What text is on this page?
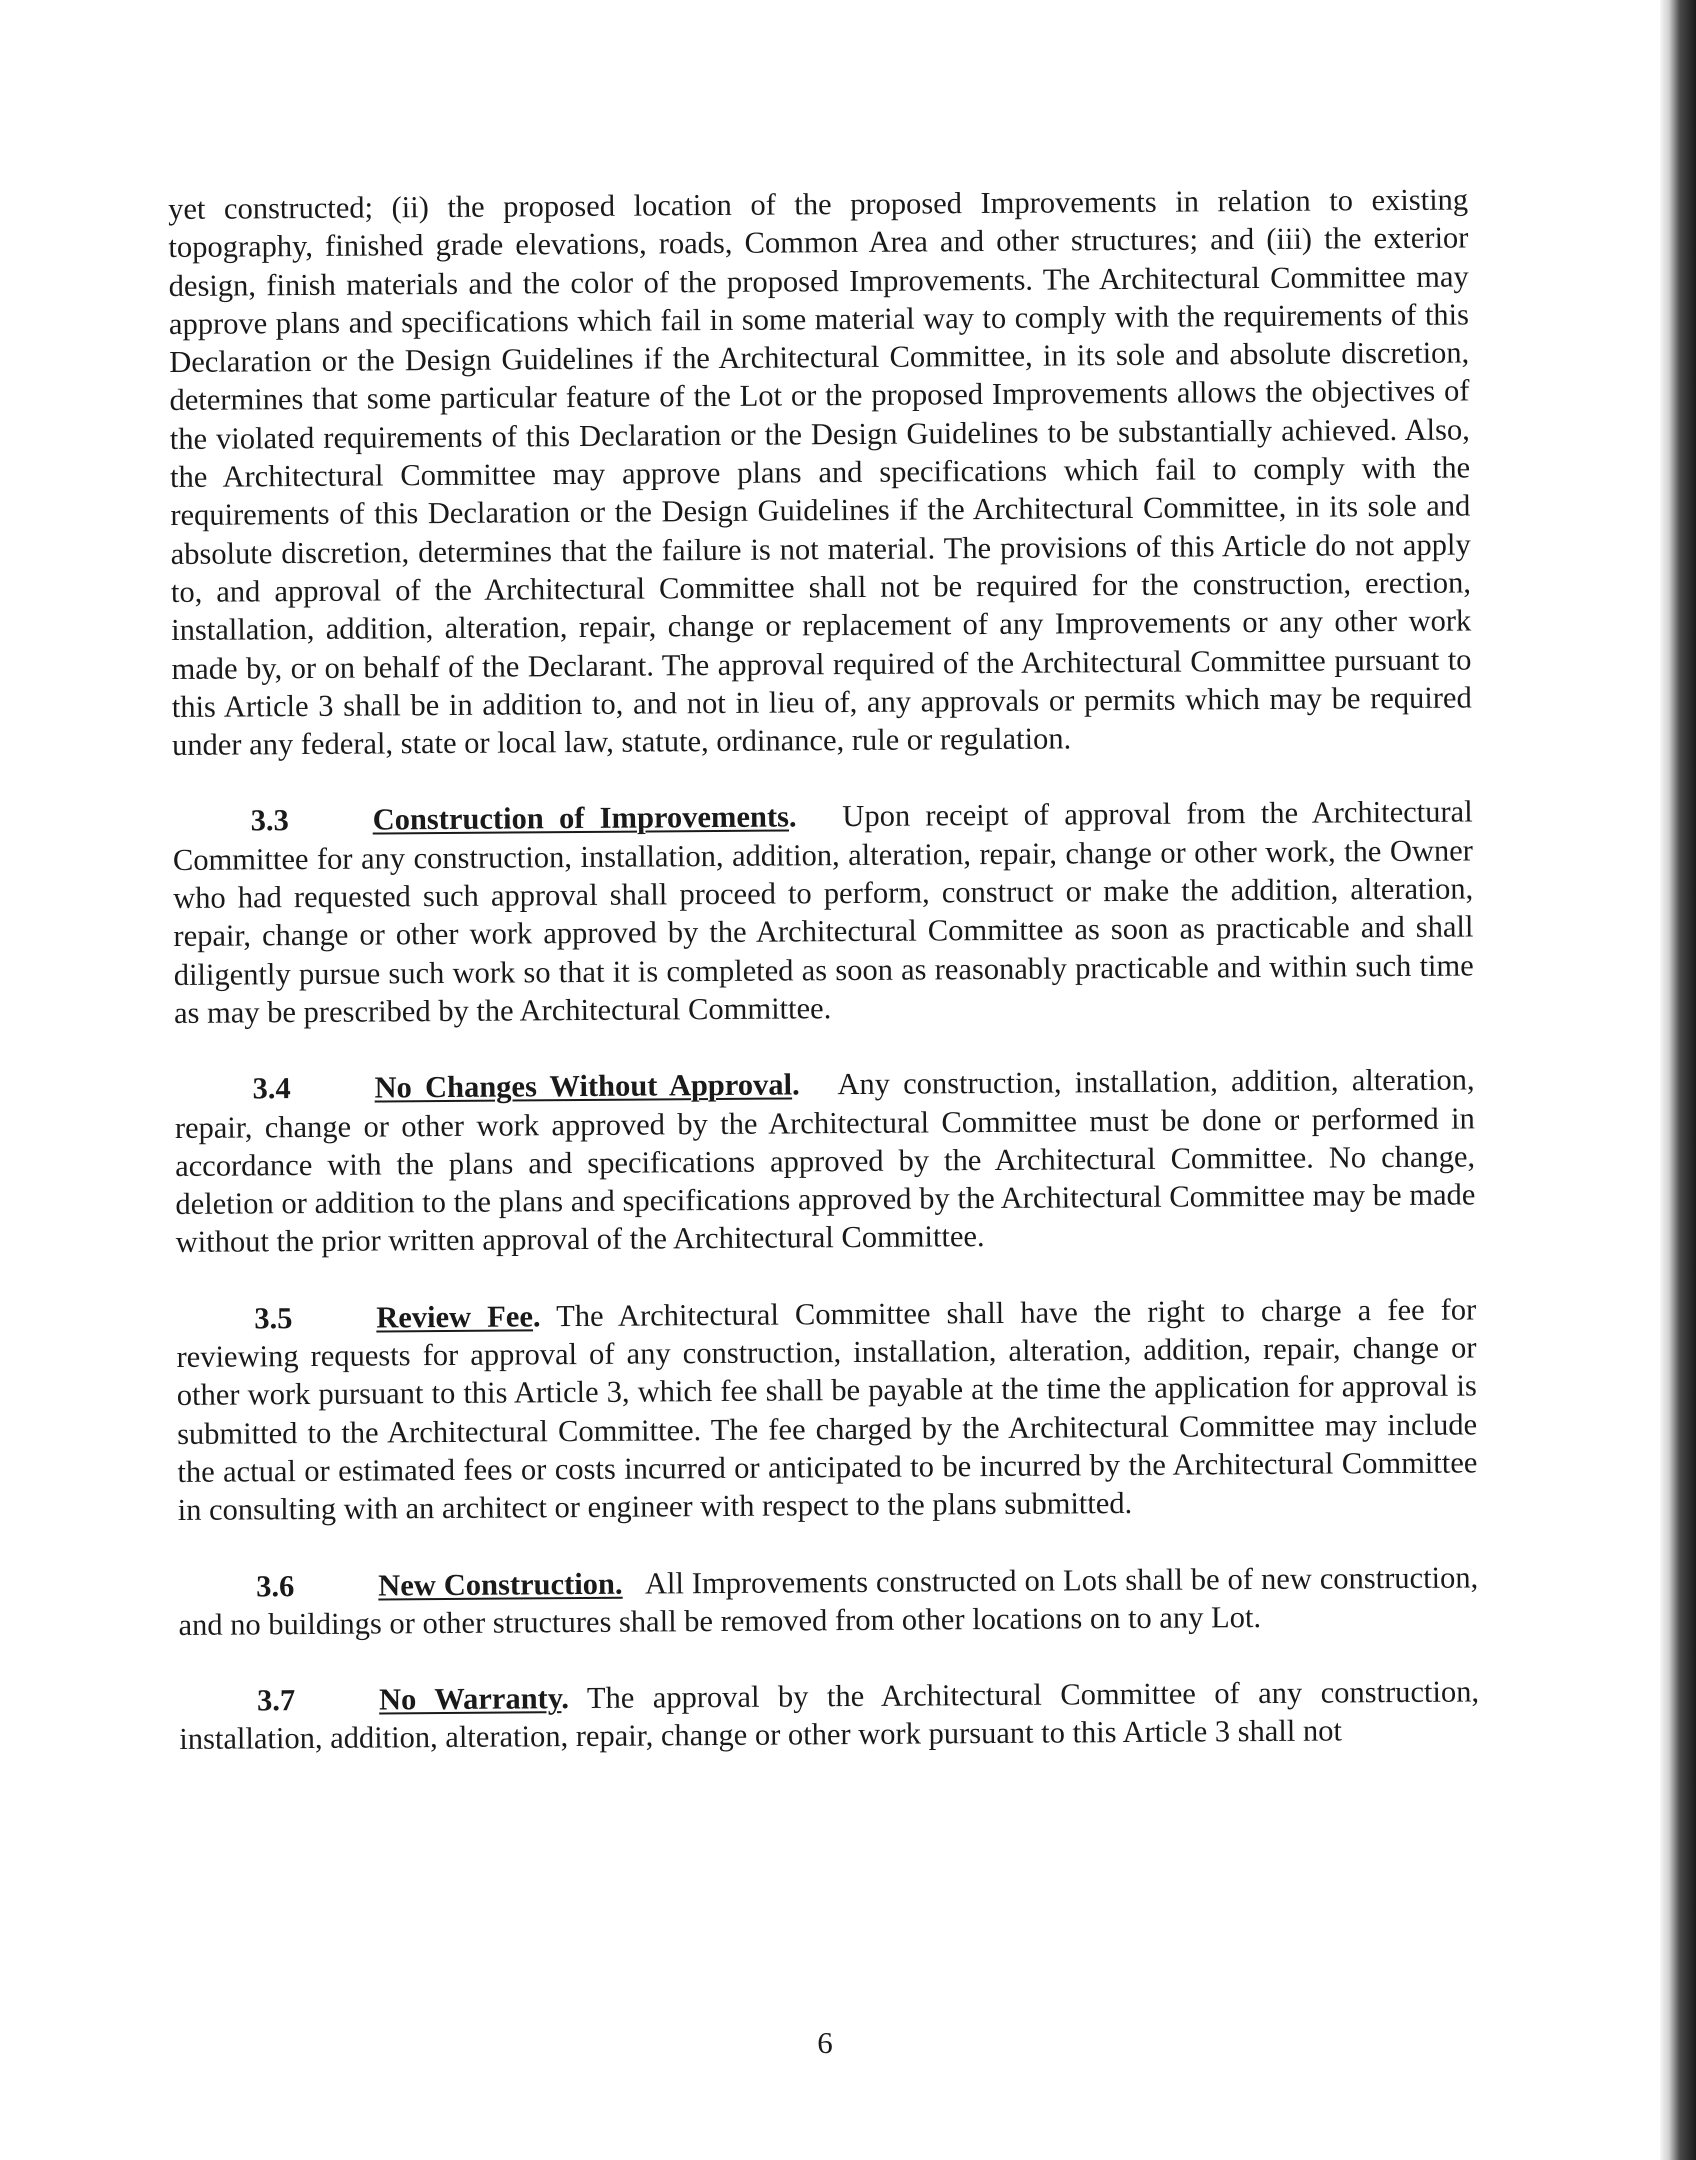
yet constructed; (ii) the proposed location of the proposed Improvements in relation to existing topography, finished grade elevations, roads, Common Area and other structures; and (iii) the exterior design, finish materials and the color of the proposed Improvements. The Architectural Committee may approve plans and specifications which fail in some material way to comply with the requirements of this Declaration or the Design Guidelines if the Architectural Committee, in its sole and absolute discretion, determines that some particular feature of the Lot or the proposed Improvements allows the objectives of the violated requirements of this Declaration or the Design Guidelines to be substantially achieved. Also, the Architectural Committee may approve plans and specifications which fail to comply with the requirements of this Declaration or the Design Guidelines if the Architectural Committee, in its sole and absolute discretion, determines that the failure is not material. The provisions of this Article do not apply to, and approval of the Architectural Committee shall not be required for the construction, erection, installation, addition, alteration, repair, change or replacement of any Improvements or any other work made by, or on behalf of the Declarant. The approval required of the Architectural Committee pursuant to this Article 3 shall be in addition to, and not in lieu of, any approvals or permits which may be required under any federal, state or local law, statute, ordinance, rule or regulation.

3.3	Construction of Improvements. Upon receipt of approval from the Architectural Committee for any construction, installation, addition, alteration, repair, change or other work, the Owner who had requested such approval shall proceed to perform, construct or make the addition, alteration, repair, change or other work approved by the Architectural Committee as soon as practicable and shall diligently pursue such work so that it is completed as soon as reasonably practicable and within such time as may be prescribed by the Architectural Committee.

3.4	No Changes Without Approval. Any construction, installation, addition, alteration, repair, change or other work approved by the Architectural Committee must be done or performed in accordance with the plans and specifications approved by the Architectural Committee. No change, deletion or addition to the plans and specifications approved by the Architectural Committee may be made without the prior written approval of the Architectural Committee.

3.5	Review Fee. The Architectural Committee shall have the right to charge a fee for reviewing requests for approval of any construction, installation, alteration, addition, repair, change or other work pursuant to this Article 3, which fee shall be payable at the time the application for approval is submitted to the Architectural Committee. The fee charged by the Architectural Committee may include the actual or estimated fees or costs incurred or anticipated to be incurred by the Architectural Committee in consulting with an architect or engineer with respect to the plans submitted.

3.6	New Construction. All Improvements constructed on Lots shall be of new construction, and no buildings or other structures shall be removed from other locations on to any Lot.

3.7	No Warranty. The approval by the Architectural Committee of any construction, installation, addition, alteration, repair, change or other work pursuant to this Article 3 shall not

6
